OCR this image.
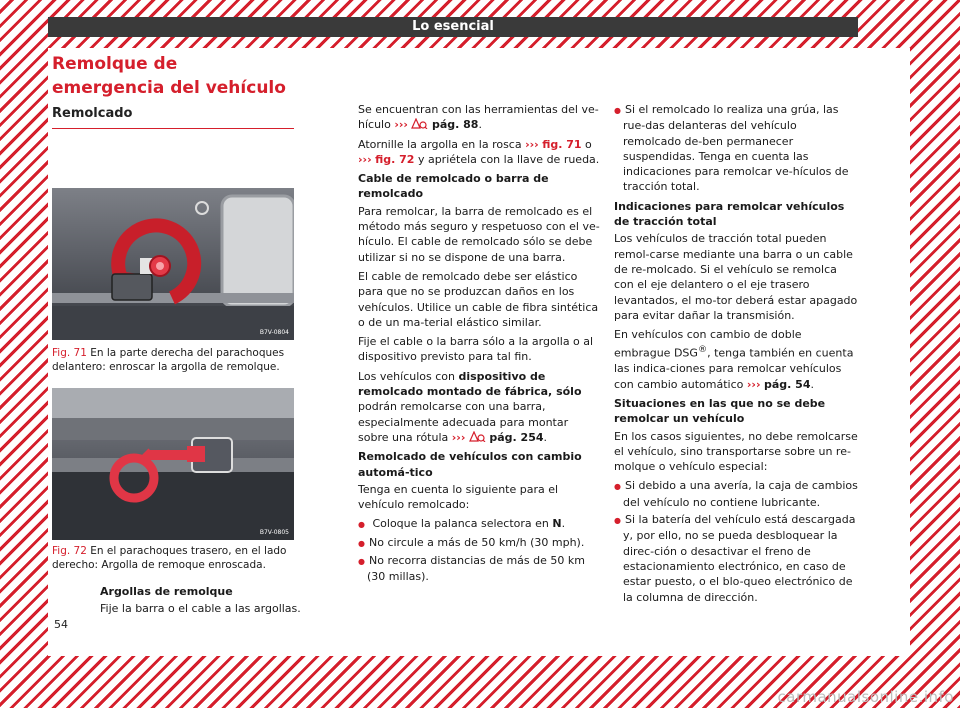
Lo esencial
Remolque de emergencia del vehículo
Remolcado
B7V-0804
Fig. 71 En la parte derecha del parachoques delantero: enroscar la argolla de remolque.
B7V-0805
Fig. 72 En el parachoques trasero, en el lado derecho: Argolla de remoque enroscada.
Argollas de remolque

Fije la barra o el cable a las argollas.

Se encuentran con las herramientas del ve-hículo ››› pág. 88.

Atornille la argolla en la rosca ››› fig. 71 o ››› fig. 72 y apriétela con la llave de rueda.

Cable de remolcado o barra de remolcado

Para remolcar, la barra de remolcado es el método más seguro y respetuoso con el ve-hículo. El cable de remolcado sólo se debe utilizar si no se dispone de una barra.

El cable de remolcado debe ser elástico para que no se produzcan daños en los vehículos. Utilice un cable de fibra sintética o de un ma-terial elástico similar.

Fije el cable o la barra sólo a la argolla o al dispositivo previsto para tal fin.

Los vehículos con dispositivo de remolcado montado de fábrica, sólo podrán remolcarse con una barra, especialmente adecuada para montar sobre una rótula ››› pág. 254.

Remolcado de vehículos con cambio automá-tico

Tenga en cuenta lo siguiente para el vehículo remolcado:

● Coloque la palanca selectora en N.

● No circule a más de 50 km/h (30 mph).

● No recorra distancias de más de 50 km (30 millas).

● Si el remolcado lo realiza una grúa, las rue-das delanteras del vehículo remolcado de-ben permanecer suspendidas. Tenga en cuenta las indicaciones para remolcar ve-hículos de tracción total.

Indicaciones para remolcar vehículos de tracción total

Los vehículos de tracción total pueden remol-carse mediante una barra o un cable de re-molcado. Si el vehículo se remolca con el eje delantero o el eje trasero levantados, el mo-tor deberá estar apagado para evitar dañar la transmisión.

En vehículos con cambio de doble embrague DSG®, tenga también en cuenta las indica-ciones para remolcar vehículos con cambio automático ››› pág. 54.

Situaciones en las que no se debe remolcar un vehículo

En los casos siguientes, no debe remolcarse el vehículo, sino transportarse sobre un re-molque o vehículo especial:

● Si debido a una avería, la caja de cambios del vehículo no contiene lubricante.

● Si la batería del vehículo está descargada y, por ello, no se pueda desbloquear la direc-ción o desactivar el freno de estacionamiento electrónico, en caso de estar puesto, o el blo-queo electrónico de la columna de dirección.

54
carmanualsonline.info
